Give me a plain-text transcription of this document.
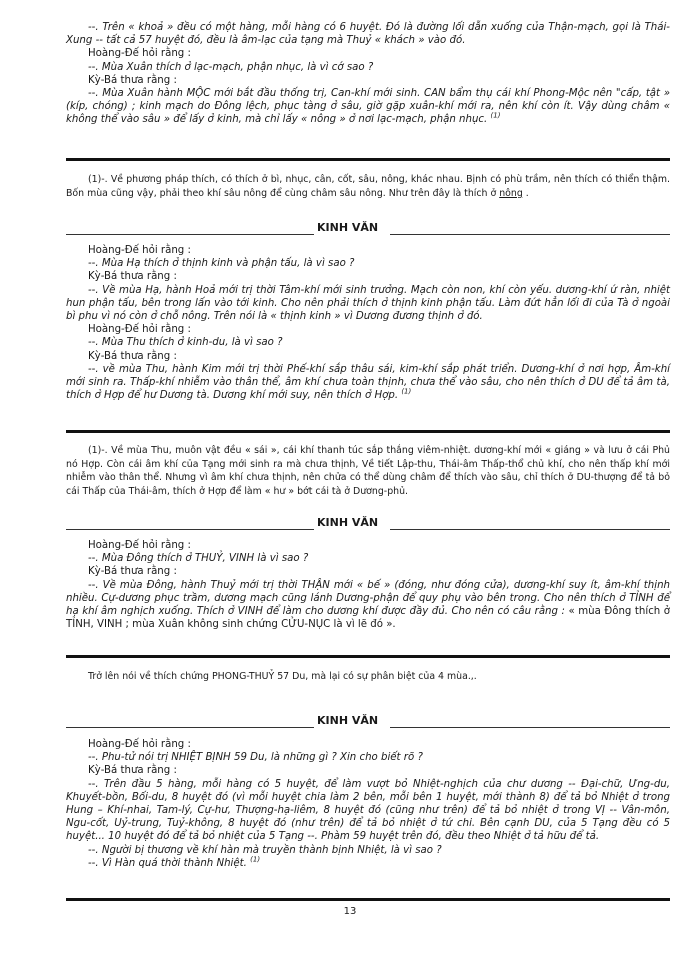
--. Trên « khoả » đều có một hàng, mỗi hàng có 6 huyệt. Đó là đường lối dẫn xuống của Thận-mạch, gọi là Thái-Xung -- tất cả 57 huyệt đó, đều là âm-lạc của tạng mà Thuỷ « khách » vào đó.

Hoàng-Đế hỏi rằng :

--. Mùa Xuân thích ở lạc-mạch, phận nhục, là vì cớ sao ?

Kỳ-Bá thưa rằng :

--. Mùa Xuân hành MỘC mới bắt đầu thống trị, Can-khí mới sinh. CAN bẩm thụ cái khí Phong-Mộc nên "cấp, tật » (kíp, chóng) ; kinh mạch do Đông lệch, phục tàng ở sâu, giờ gặp xuân-khí mới ra, nên khí còn ít. Vậy dùng châm « không thể vào sâu » để lấy ở kinh, mà chỉ lấy « nông » ở nơi lạc-mạch, phận nhục. $^{(1)}$

(1)-. Về phương pháp thích, có thích ở bì, nhục, cân, cốt, sâu, nông, khác nhau. Bịnh có phù trầm, nên thích có thiển thậm. Bốn mùa cũng vậy, phải theo khí sâu nông để cùng châm sâu nông. Như trên đây là thích ở nông .

KINH VĂN

Hoàng-Đế hỏi rằng :

--. Mùa Hạ thích ở thịnh kinh và phận tấu, là vì sao ?

Kỳ-Bá thưa rằng :

--. Về mùa Hạ, hành Hoả mới trị thời Tâm-khí mới sinh trưởng. Mạch còn non, khí còn yếu. dương-khí ứ ràn, nhiệt hun phận tấu, bên trong lấn vào tới kinh. Cho nên phải thích ở thịnh kinh phận tấu. Làm đứt hẳn lối đi của Tà ở ngoài bì phu vì nó còn ở chỗ nông. Trên nói là « thịnh kinh » vì Dương đương thịnh ở đó.

Hoàng-Đế hỏi rằng :

--. Mùa Thu thích ở kinh-du, là vì sao ?

Kỳ-Bá thưa rằng :

--. về mùa Thu, hành Kim mới trị thời Phế-khí sắp thâu sái, kim-khí sắp phát triển. Dương-khí ở nơi hợp, Âm-khí mới sinh ra. Thấp-khí nhiễm vào thân thể, âm khí chưa toàn thịnh, chưa thể vào sâu, cho nên thích ở DU để tả âm tà, thích ở Hợp để hư Dương tà. Dương khí mới suy, nên thích ở Hợp. $^{(1)}$

(1)-. Về mùa Thu, muôn vật đều « sái », cái khí thanh túc sắp thắng viêm-nhiệt. dương-khí mới « giáng » và lưu ở cái Phủ nó Hợp. Còn cái âm khí của Tạng mới sinh ra mà chưa thịnh, Về tiết Lập-thu, Thái-âm Thấp-thổ chủ khí, cho nên thấp khí mới nhiễm vào thân thể. Nhưng vì âm khí chưa thịnh, nên chửa có thể dùng châm để thích vào sâu, chỉ thích ở DU-thượng để tả bỏ cái Thấp của Thái-âm, thích ở Hợp để làm « hư » bớt cái tà ở Dương-phủ.

KINH VĂN

Hoàng-Đế hỏi rằng :

--. Mùa Đông thích ở THUỶ, VINH là vì sao ?

Kỳ-Bá thưa rằng :

--. Về mùa Đông, hành Thuỷ mới trị thời THẬN mới « bế » (đóng, như đóng cửa), dương-khí suy ít, âm-khí thịnh nhiều. Cự-dương phục trầm, dương mạch cũng lánh Dương-phận để quy phụ vào bên trong. Cho nên thích ở TỈNH để hạ khí âm nghịch xuống. Thích ở VINH để làm cho dương khí được đầy đủ. Cho nên có câu rằng : « mùa Đông thích ở TỈNH, VINH ; mùa Xuân không sinh chứng CỬU-NỤC là vì lẽ đó ».

Trở lên nói về thích chứng PHONG-THUỶ 57 Du, mà lại có sự phân biệt của 4 mùa.,.

KINH VĂN

Hoàng-Đế hỏi rằng :

--. Phu-tử nói trị NHIỆT BỊNH 59 Du, là những gì ? Xin cho biết rõ ?

Kỳ-Bá thưa rằng :

--. Trên đầu 5 hàng, mỗi hàng có 5 huyệt, để làm vượt bỏ Nhiệt-nghịch của chư dương -- Đại-chữ, Ưng-du, Khuyết-bồn, Bối-du, 8 huyệt đó (vì mỗi huyệt chia làm 2 bên, mỗi bên 1 huyệt, mới thành 8) để tả bỏ Nhiệt ở trong Hung – Khí-nhai, Tam-lý, Cự-hư, Thượng-hạ-liêm, 8 huyệt đó (cũng như trên) để tả bỏ nhiệt ở trong VỊ -- Vân-môn, Ngu-cốt, Uỷ-trung, Tuỷ-không, 8 huyệt đó (như trên) để tả bỏ nhiệt ở tứ chi. Bên cạnh DU, của 5 Tạng đều có 5 huyệt... 10 huyệt đó để tả bỏ nhiệt của 5 Tạng --. Phàm 59 huyệt trên đó, đều theo Nhiệt ở tả hữu để tả.

--. Người bị thương về khí hàn mà truyền thành bịnh Nhiệt, là vì sao ?

--. Vì Hàn quá thời thành Nhiệt. $^{(1)}$

13
